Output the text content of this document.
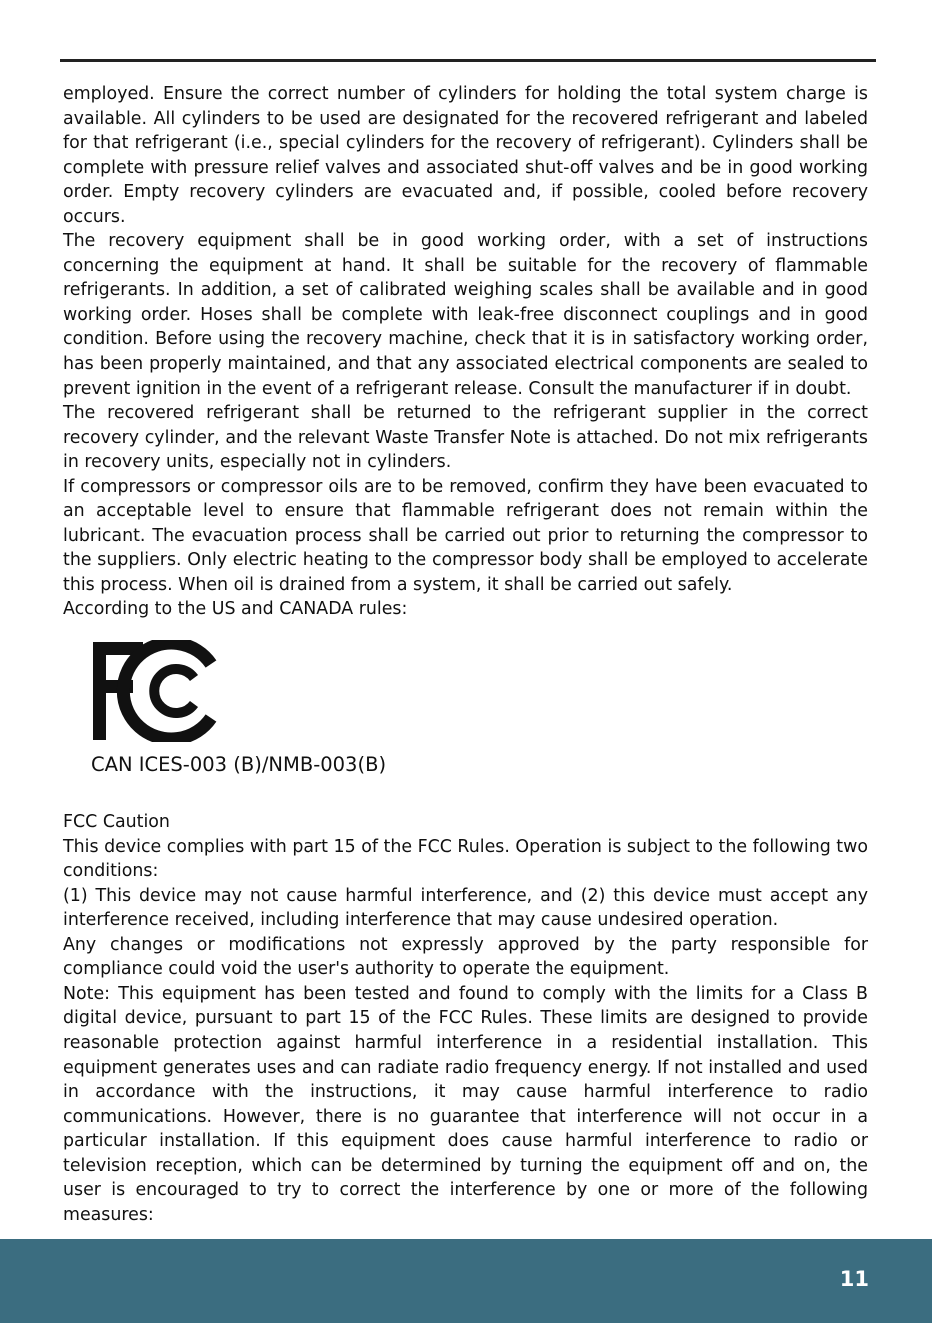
employed. Ensure the correct number of cylinders for holding the total system charge is available. All cylinders to be used are designated for the recovered refrigerant and labeled for that refrigerant (i.e., special cylinders for the recovery of refrigerant). Cylinders shall be complete with pressure relief valves and associated shut-off valves and be in good working order. Empty recovery cylinders are evacuated and, if possible, cooled before recovery occurs.

The recovery equipment shall be in good working order, with a set of instructions concerning the equipment at hand. It shall be suitable for the recovery of flammable refrigerants. In addition, a set of calibrated weighing scales shall be available and in good working order. Hoses shall be complete with leak-free disconnect couplings and in good condition. Before using the recovery machine, check that it is in satisfactory working order, has been properly maintained, and that any associated electrical components are sealed to prevent ignition in the event of a refrigerant release. Consult the manufacturer if in doubt.

The recovered refrigerant shall be returned to the refrigerant supplier in the correct recovery cylinder, and the relevant Waste Transfer Note is attached. Do not mix refrigerants in recovery units, especially not in cylinders.

If compressors or compressor oils are to be removed, confirm they have been evacuated to an acceptable level to ensure that flammable refrigerant does not remain within the lubricant. The evacuation process shall be carried out prior to returning the compressor to the suppliers. Only electric heating to the compressor body shall be employed to accelerate this process. When oil is drained from a system, it shall be carried out safely.

According to the US and CANADA rules:

CAN ICES-003 (B)/NMB-003(B)

FCC Caution

This device complies with part 15 of the FCC Rules. Operation is subject to the following two conditions:

(1) This device may not cause harmful interference, and (2) this device must accept any interference received, including interference that may cause undesired operation.

Any changes or modifications not expressly approved by the party responsible for compliance could void the user's authority to operate the equipment.

Note: This equipment has been tested and found to comply with the limits for a Class B digital device, pursuant to part 15 of the FCC Rules. These limits are designed to provide reasonable protection against harmful interference in a residential installation. This equipment generates uses and can radiate radio frequency energy. If not installed and used in accordance with the instructions, it may cause harmful interference to radio communications. However, there is no guarantee that interference will not occur in a particular installation. If this equipment does cause harmful interference to radio or television reception, which can be determined by turning the equipment off and on, the user is encouraged to try to correct the interference by one or more of the following measures:

11
